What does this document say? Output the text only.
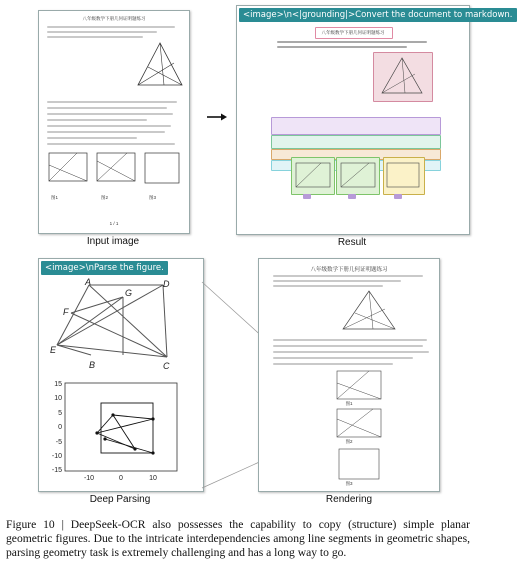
八年级数学下册几何证明题练习
图1	图2	图3
1 / 1
Input image
<image>\n<|grounding|>Convert the document to markdown.
八年级数学下册几何证明题练习
Result
<image>\nParse the figure.
A	D
G
F
E
B	C
15
10
5
0
-5
-10
-15
-10	0	10
Deep Parsing
八年级数学下册几何证明题练习
图1
图2
图3
Rendering
Figure 10 | DeepSeek-OCR also possesses the capability to copy (structure) simple planar geometric figures. Due to the intricate interdependencies among line segments in geometric shapes, parsing geometry task is extremely challenging and has a long way to go.
